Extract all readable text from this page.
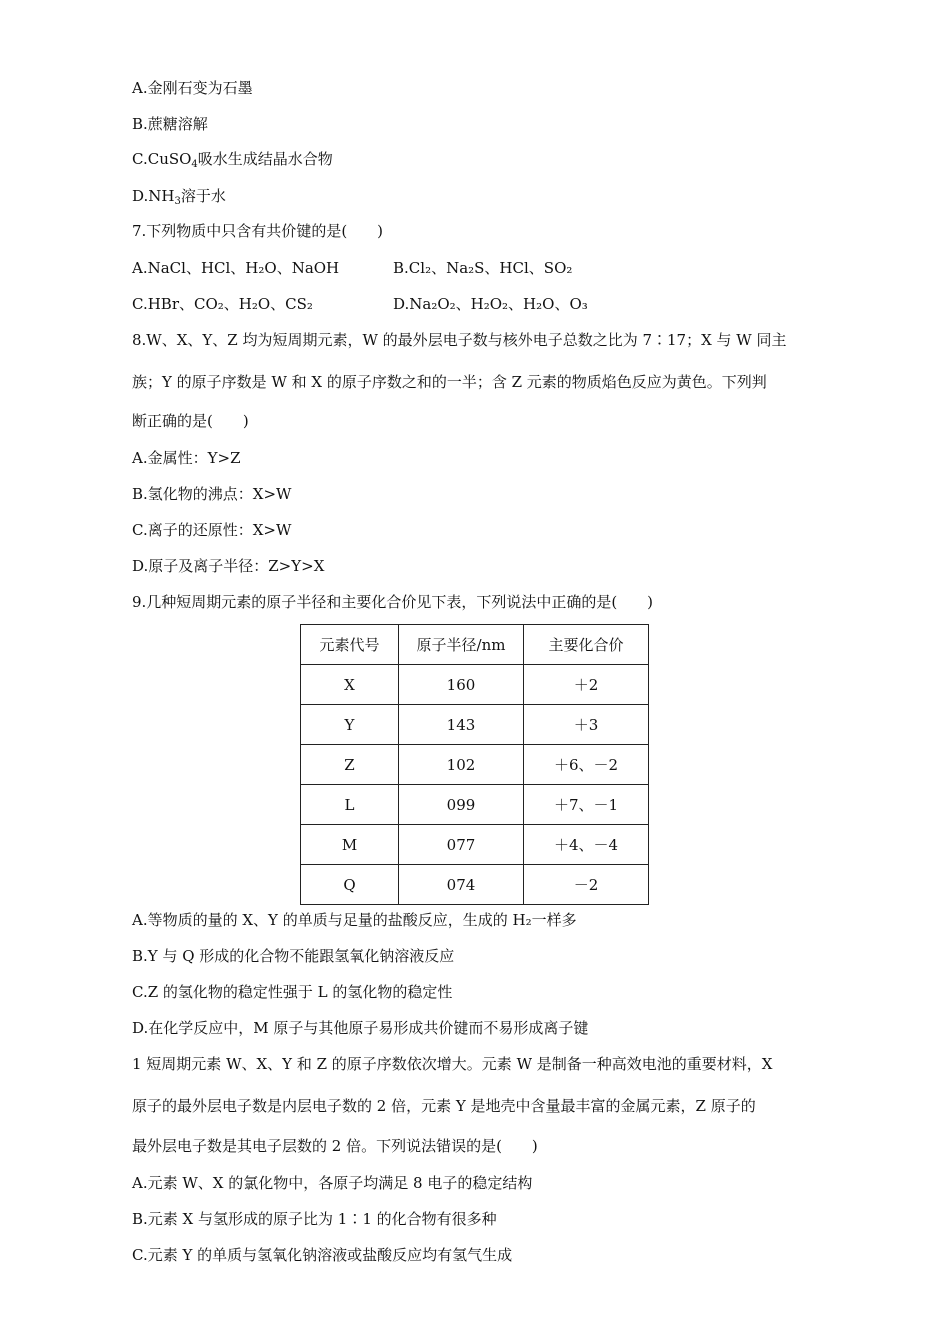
A.金刚石变为石墨
B.蔗糖溶解
C.CuSO$_4$吸水生成结晶水合物
$D.NH_3$溶于水
7.下列物质中只含有共价键的是(　　)
A.NaCl、HCl、H₂O、NaOH	B.Cl₂、Na₂S、HCl、SO₂
C.HBr、CO₂、H₂O、CS₂	D.Na₂O₂、H₂O₂、H₂O、O₃
8.W、X、Y、Z 均为短周期元素，W 的最外层电子数与核外电子总数之比为 7∶17；X 与 W 同主
族；Y 的原子序数是 W 和 X 的原子序数之和的一半；含 Z 元素的物质焰色反应为黄色。下列判
断正确的是(　　)
A.金属性：Y>Z
B.氢化物的沸点：X>W
C.离子的还原性：X>W
D.原子及离子半径：Z>Y>X
9.几种短周期元素的原子半径和主要化合价见下表，下列说法中正确的是(　　)
元素代号	原子半径/nm	主要化合价
X	160	＋2
Y	143	＋3
Z	102	＋6、－2
L	099	＋7、－1
M	077	＋4、－4
Q	074	－2
A.等物质的量的 X、Y 的单质与足量的盐酸反应，生成的 H₂一样多
B.Y 与 Q 形成的化合物不能跟氢氧化钠溶液反应
C.Z 的氢化物的稳定性强于 L 的氢化物的稳定性
D.在化学反应中，M 原子与其他原子易形成共价键而不易形成离子键
1 短周期元素 W、X、Y 和 Z 的原子序数依次增大。元素 W 是制备一种高效电池的重要材料，X
原子的最外层电子数是内层电子数的 2 倍，元素 Y 是地壳中含量最丰富的金属元素，Z 原子的
最外层电子数是其电子层数的 2 倍。下列说法错误的是(　　)
A.元素 W、X 的氯化物中，各原子均满足 8 电子的稳定结构
B.元素 X 与氢形成的原子比为 1∶1 的化合物有很多种
C.元素 Y 的单质与氢氧化钠溶液或盐酸反应均有氢气生成
